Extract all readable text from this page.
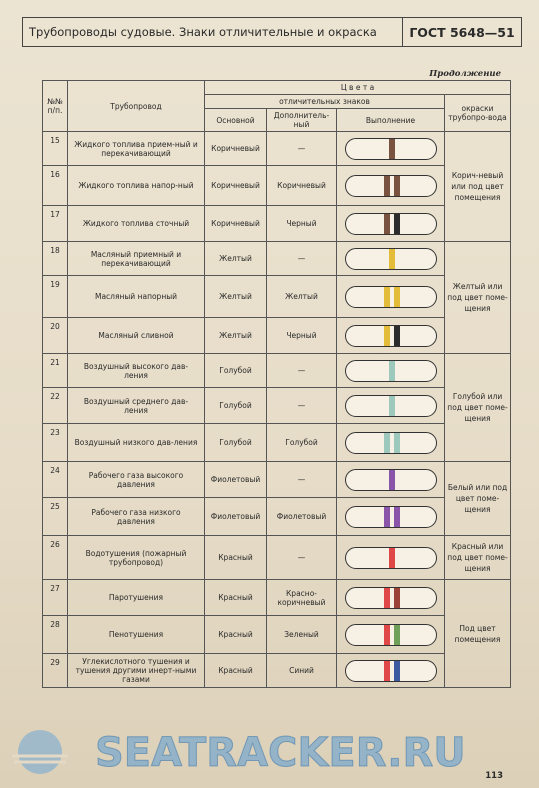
Трубопроводы судовые. Знаки отличительные и окраска	ГОСТ 5648—51
Продолжение
№№ п/п.	Трубопровод	Ц в е т а			
		отличительных знаков			окраски трубопро-вода
		Основной	Дополнитель-ный	Выполнение	
15	Жидкого топлива прием-ный и перекачивающий	Коричневый	—		Корич-невый или под цвет помещения
16	Жидкого топлива напор-ный	Коричневый	Коричневый		

17	Жидкого топлива сточный	Коричневый	Черный		

18	Масляный приемный и перекачивающий	Желтый	—		Желтый или под цвет поме-щения
19	Масляный напорный	Желтый	Желтый		

20	Масляный сливной	Желтый	Черный		

21	Воздушный высокого дав-ления	Голубой	—		Голубой или под цвет поме-щения
22	Воздушный среднего дав-ления	Голубой	—		

23	Воздушный низкого дав-ления	Голубой	Голубой		

24	Рабочего газа высокого давления	Фиолетовый	—		Белый или под цвет поме-щения
25	Рабочего газа низкого давления	Фиолетовый	Фиолетовый		

26	Водотушения (пожарный трубопровод)	Красный	—		Красный или под цвет поме-щения
27	Паротушения	Красный	Красно-коричневый		Под цвет помещения
28	Пенотушения	Красный	Зеленый		

29	Углекислотного тушения и тушения другими инерт-ными газами	Красный	Синий		
SEATRACKER.RU 113
